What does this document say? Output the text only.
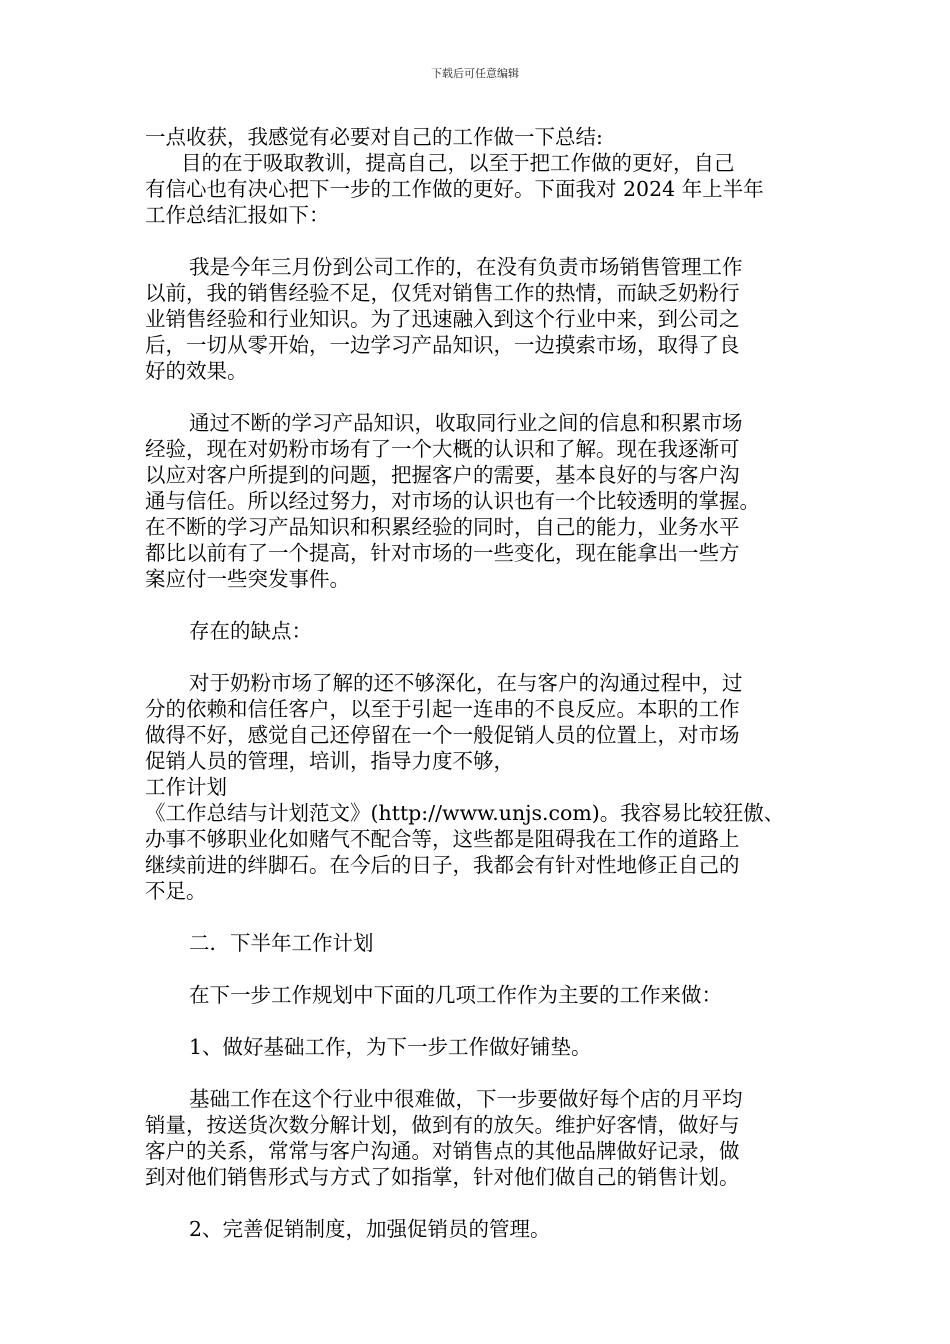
下载后可任意编辑
一点收获，我感觉有必要对自己的工作做一下总结:
目的在于吸取教训，提高自己，以至于把工作做的更好，自己
有信心也有决心把下一步的工作做的更好。下面我对 2024 年上半年
工作总结汇报如下：
我是今年三月份到公司工作的，在没有负责市场销售管理工作
以前，我的销售经验不足，仅凭对销售工作的热情，而缺乏奶粉行
业销售经验和行业知识。为了迅速融入到这个行业中来，到公司之
后，一切从零开始，一边学习产品知识，一边摸索市场，取得了良
好的效果。
通过不断的学习产品知识，收取同行业之间的信息和积累市场
经验，现在对奶粉市场有了一个大概的认识和了解。现在我逐渐可
以应对客户所提到的问题，把握客户的需要，基本良好的与客户沟
通与信任。所以经过努力，对市场的认识也有一个比较透明的掌握。
在不断的学习产品知识和积累经验的同时，自己的能力，业务水平
都比以前有了一个提高，针对市场的一些变化，现在能拿出一些方
案应付一些突发事件。
存在的缺点：
对于奶粉市场了解的还不够深化，在与客户的沟通过程中，过
分的依赖和信任客户，以至于引起一连串的不良反应。本职的工作
做得不好，感觉自己还停留在一个一般促销人员的位置上，对市场
促销人员的管理，培训，指导力度不够，
工作计划
《工作总结与计划范文》(http://www.unjs.com)。我容易比较狂傲、
办事不够职业化如赌气不配合等，这些都是阻碍我在工作的道路上
继续前进的绊脚石。在今后的日子，我都会有针对性地修正自己的
不足。
二．下半年工作计划
在下一步工作规划中下面的几项工作作为主要的工作来做：
1、做好基础工作，为下一步工作做好铺垫。
基础工作在这个行业中很难做，下一步要做好每个店的月平均
销量，按送货次数分解计划，做到有的放矢。维护好客情，做好与
客户的关系，常常与客户沟通。对销售点的其他品牌做好记录，做
到对他们销售形式与方式了如指掌，针对他们做自己的销售计划。
2、完善促销制度，加强促销员的管理。
